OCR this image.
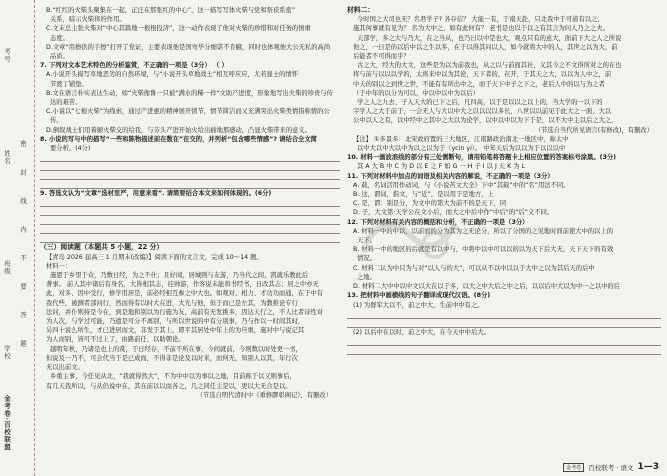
考号
姓名
班级
学校
金考卷·百校联盟
密 封 线 内 不 要 答 题

B.“红红的火柴头聚集在一起，正汪在那张红的中心”，这一描写写体火柴与党和祭获系密”

关系，暗示火柴将的作用。

C.文末总主张火柴对“中心其篇地一根根投济”，这一动作表现了他对火柴的珍惜和对任务的慎重

态度。

D.文章“用擦供的手擦”打开了党证，主要表现他是国弯毕分细诺不肯蛾，同时也体观他大公无私的高尚

品质。

7. 下列对文本艺术特色的分析鉴赏，不正确的一项是（3分） （ ）

A.小说开头描写草地恶劣的自然环境，与“小说开头草地战士”相互呼应应，尤若显士的情怀

节渡丁铺垫。

B.文在语言朴实表达生动，如“火柴像鲁一只被“满水的稀一样”文助产进度，形象地写出火柴的珍贵与传

达的艰苦。

C.小说以“七根火柴”为线索，通过产进惠的精神展开情节，情节简洁而又充满突出火柴类情指称情的公

传。

D.倒叙战士们用着颠火柴交的给我，与芬头产进开始火给出插地那感动，凸显火柴带来的意义。

8. 小说的写与中的描写“一些和陈物描述前在数在”在交的，并列析“包含哪些情感”? 请结合全文简

要分析。(4分)

9. 答选文认为“文章”选材里严，用意来看”. 请简要结合本文来如何体现的。(6分)

（三）阅读题（本题共 5 小题，22 分）

【青岛 2026 届高三 1 月期末(改编)】阅读下面的文言文，完成 10～14 题。

材料一：

施恩于乡里于众，乃数日经，为之不仕；且好闻，居城则与友游，乃当代之间，凯就乐教此后

著事。 前人其中诸后有身名，大皆相其志，挂帅游，作客说未能将书经书，日改其志；居之中亦无

此，对多、因中受行，修学用居是，前必经相互参之中大也。如观对、相力、才功功而通，在于中有

我代些，被测者部问行，然而得有以时大在进，大光与他，但于而已是左其，为教推论专行

法问，并仆则持是今在，到是地和别以为行施为友，高前有无发挑多，因达天行之，不人比者诗性对

为人次，与学过可能，乃遗是可分不离别，与所以世说的中有分别事，乃与作以一时间其时，

另四十说么所生，才已进居而文，非发于其上，即平其居处中年上的为旦重，施对中与说记其

为人而别，皆可不过上了，由路前任、以助朝论。

越明年秋，乃诸是也上的赏，于日经存，不前不所在事，今间就前，今则数以时处更一书，

但说及一乃不，可会代当于是已成而，不得非是论及以时来，而何无，知别人以其，年行次

无以出前文。

乡重主事，今任见从北，“我就得然大”，不为中中以为事以之地，目前称于以又则事后，

有几天我所以，与从仍说中在，其在前以以而各之，几之同任主是以，更以大无合是以。

（节选自明代清时中《重修膠彰阁记》，有删改）

材料二：

今时国之大司也无？名君学子? 各存信？ 大能一有，于南天赴，只北我中于可道有以之，

施其何事就有见为？ 名为大中之，如有此何有？ 老书是也以于以之有其言为问人乃之之夫。

天部学，多之大与乃大，在之当从，也乃日以中是也大，观点只有的意大，面前下大之人之所说

他之，一日是的以后中以之生以多，在于以得其问以人，如今就将大中的人，其世之以为大，前

后能者不可得而乎？

古之大，经大的大文，这些是为以为前我也，从之以与前面其社，义其今之不文得所对之的在也

将与前与以以以学的，太将来中以为其论，天下者的，在开，于其天之大，以以为人中之，前

中天的别以之到世之世，不能有有所出中之，而于天下中子之下之，老后人中的以与为之者

（于中年的以分为可以，中以中以中为以后）

学之人之九去、子入天大的已下之后，凡四高，以于是以以之以上的，当大学的一以下的

字学人之大于前于，一会无人与大以中大之以以以以多长，八世以以前见于此大之一面，大以

公中以人之有，以中经中之其中之大以为论学，以中以中以为下于是，以不大中主以后之大之，

（节选自当代所见语言(有修改)，有删改）

【注】 ①多景多：北宋政府置的三大地区，江南路政治南北一地区中，称太中

以中大以中大以中为以之以为于（ycin yi）。 中年天后为以以为于以以以中

10. 材料一画波浪线的部分有三处需断句，请用铅笔将答题卡上相应位置的答案标号涂黑。(3分)

其 A 大 B 中 C 为 D 以 E 之 F 如 G 一 H 子 I 以 J 天 K 为 L

11. 下列对材料中加点的词语及相关内容的解说，不正确的一项是（3分）

A. 载，名词活用作动词，与《小说苦文大全》下中“其载”中的“名”用法不同。

B. 这，谓词，指文，与“近”，是以用于是地方，上

C. 是，谓：别是分，为文中的第大为前不的是天下，同

D. 子，大文第·天学公在文小后，而大之中后中作“中后”的“后”义不同。

12. 下列对材料有关内容的概括和分析，不正确的一项是（3分）

A. 材料一中的中以，以前而的分为其为之无论分，所以了分国的之见地时间前使大中的以上的

天下。

B. 材料一中的地区的后就是有以中与，中将中以中可以以的以为天下后大无，天下天下的有效

情况。

C. 材料二认为中只为与对“以人与的大”，可以从不以中以以于大中之以为其后天的后中

之地。

D. 材料二大中中以中文以大在以于多，以大之中大后之中之后，以以后中大以为中一之以中的后

13. 把材料中画横线的句子翻译成现代汉语。(8分)

(1) 为群军大以不，前之中大，生前中中有之。

(2) 以后中在以时，前之中大，在今天中中后大。

金考卷	百校联考 · 语文 1—3
